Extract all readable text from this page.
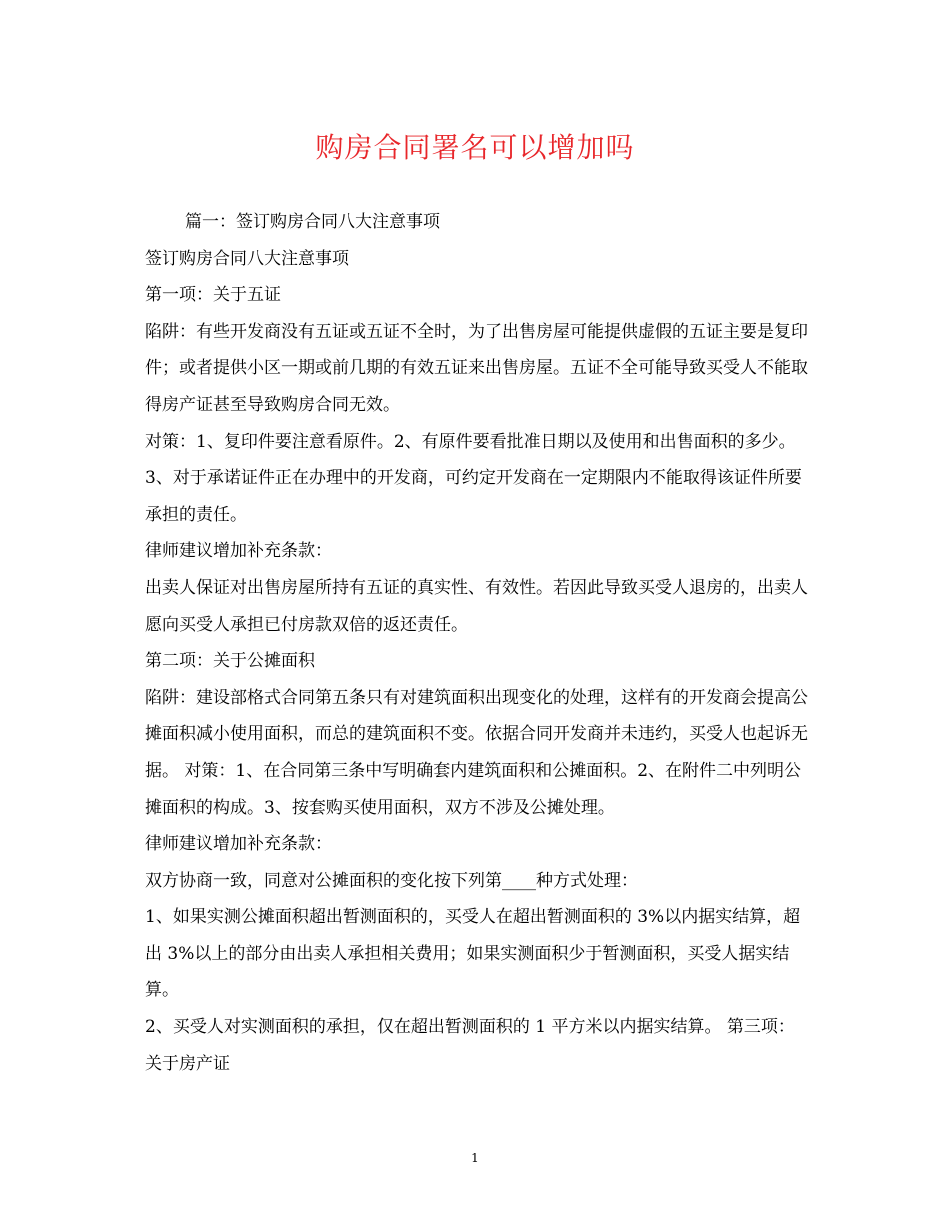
购房合同署名可以增加吗

篇一：签订购房合同八大注意事项

签订购房合同八大注意事项

第一项：关于五证

陷阱：有些开发商没有五证或五证不全时，为了出售房屋可能提供虚假的五证主要是复印件；或者提供小区一期或前几期的有效五证来出售房屋。五证不全可能导致买受人不能取得房产证甚至导致购房合同无效。

对策：1、复印件要注意看原件。2、有原件要看批准日期以及使用和出售面积的多少。3、对于承诺证件正在办理中的开发商，可约定开发商在一定期限内不能取得该证件所要承担的责任。

律师建议增加补充条款：

出卖人保证对出售房屋所持有五证的真实性、有效性。若因此导致买受人退房的，出卖人愿向买受人承担已付房款双倍的返还责任。

第二项：关于公摊面积

陷阱：建设部格式合同第五条只有对建筑面积出现变化的处理，这样有的开发商会提高公摊面积减小使用面积，而总的建筑面积不变。依据合同开发商并未违约，买受人也起诉无据。 对策：1、在合同第三条中写明确套内建筑面积和公摊面积。2、在附件二中列明公摊面积的构成。3、按套购买使用面积，双方不涉及公摊处理。

律师建议增加补充条款：

双方协商一致，同意对公摊面积的变化按下列第____种方式处理：

1、如果实测公摊面积超出暂测面积的，买受人在超出暂测面积的 3%以内据实结算，超出 3%以上的部分由出卖人承担相关费用；如果实测面积少于暂测面积，买受人据实结算。

2、买受人对实测面积的承担，仅在超出暂测面积的 1 平方米以内据实结算。 第三项：关于房产证

1
